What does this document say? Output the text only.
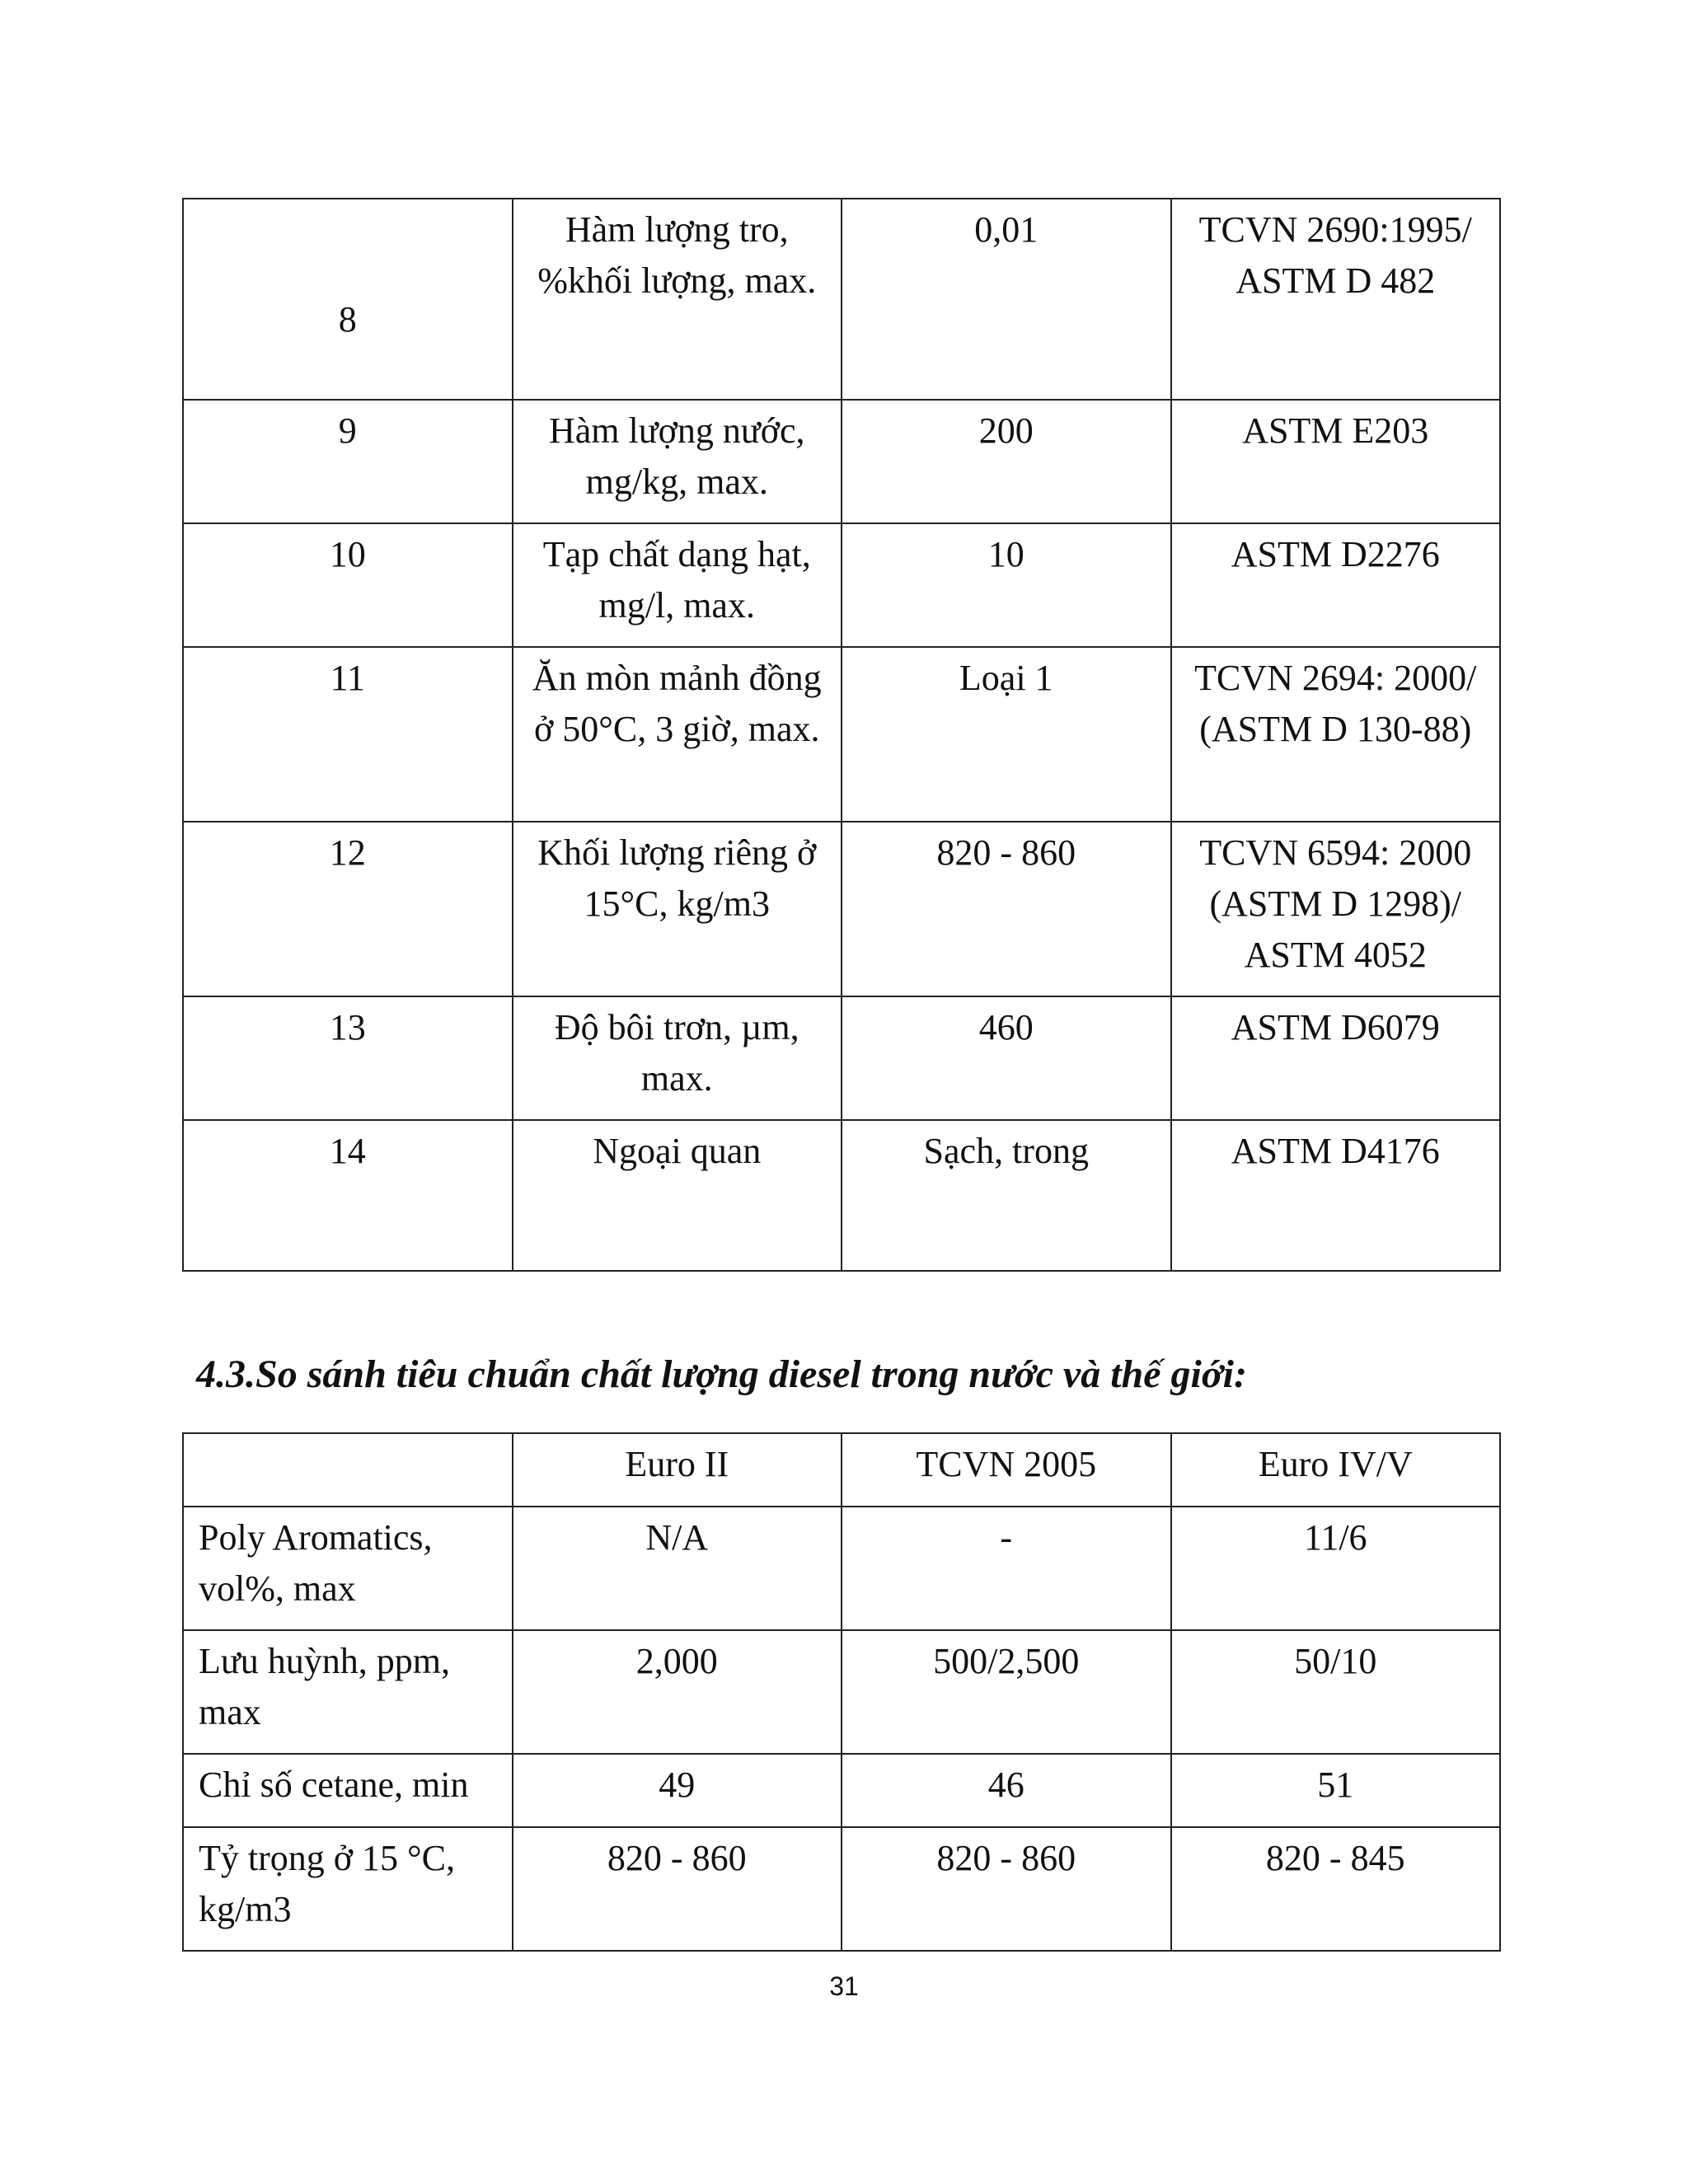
8	Hàm lượng tro, %khối lượng, max.	0,01	TCVN 2690:1995/ ASTM D 482
9	Hàm lượng nước, mg/kg, max.	200	ASTM E203
10	Tạp chất dạng hạt, mg/l, max.	10	ASTM D2276
11	Ăn mòn mảnh đồng ở 50°C, 3 giờ, max.	Loại 1	TCVN 2694: 2000/ (ASTM D 130-88)
12	Khối lượng riêng ở 15°C, kg/m3	820 - 860	TCVN 6594: 2000 (ASTM D 1298)/ ASTM 4052
13	Độ bôi trơn, µm, max.	460	ASTM D6079
14	Ngoại quan	Sạch, trong	ASTM D4176
4.3.So sánh tiêu chuẩn chất lượng diesel trong nước và thế giới:
	Euro II	TCVN 2005	Euro IV/V
Poly Aromatics, vol%, max	N/A	-	11/6
Lưu huỳnh, ppm, max	2,000	500/2,500	50/10
Chỉ số cetane, min	49	46	51
Tỷ trọng ở 15 °C, kg/m3	820 - 860	820 - 860	820 - 845
31
